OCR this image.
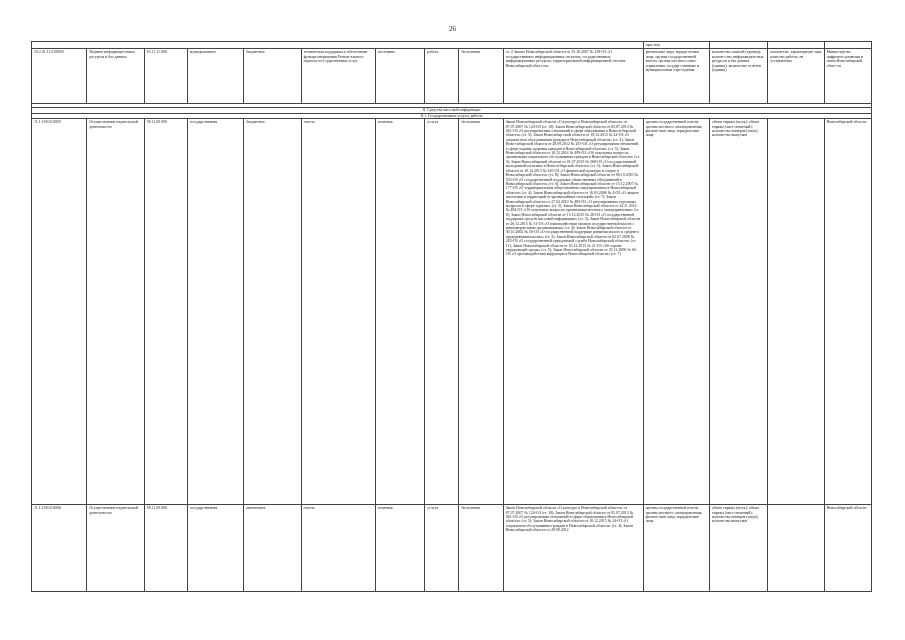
26
										щих лиц			
10.2.01.11.0.00055	Ведение информаци-онных ресурсов и баз данных	63.11.11.000	муниципальное	бюджетное	техническая поддержка и обеспечение функци-онирования Регион-ального портала госу-дарственных услуг	постоянно	работа	бесплатная	ст. 2 Закона Новосибирской области от 15.10.2007 № 158-ОЗ «О государственных информационных системах, государственных информационных ресурсах, территориальной информационной системе Новосибирской обла-сти»	физические лица, юриди-ческие лица, органы государственной власти, органы местного само-управления, государ-ственные и муниципальные учре-ждения	количество записей (единиц); количе-ство информацион-ных ресурсов и баз данных (единиц); количество отчетов (единиц)	показатели, характеризую-щие качество работы, не установлены	Министерство цифрового развития и связи Новосибирской обла-сти

II. Средства массовой информации													
II.1. Государственные услуги, работы													
11.1.1910.0.0005	Осуществление издательской деятельности	58.11.00.000	государственная	бюджетное	газеты	печатная	услуга	бесплатная	Закон Новосибирской области «О культуре в Новосибирской области» от 07.07.2007 № 124-ОЗ (ст. 10); Закон Новосибирской области от 05.07.2013 № 361-ОЗ «О регулирова-нии отношений в сфере образования в Новоси-бирской области» (ст. 5); Закон Новосибир-ской области от 18.12.2015 № 24-ОЗ «О социаль-ном обслуживании граждан в Новосибирской области» (ст. 4); Закон Ново-сибирской области от 28.09.2012 № 255-ОЗ «О регулировании отношений в сфере охраны здоровья граждан в Новосибирской области» (ст. 5); Закон Новосибирской области от 18.12.2014 № 499-ОЗ «Об отдельных вопросах организации социального обслуживания граждан в Новосибирской области» (ст. 3); Закон Новосибирской области от 01.07.2015 № 568-ОЗ «О государственной молодежной политике в Новоси-бирской области» (ст. 5); Закон Новосибирской области от 10.12.2013 № 410-ОЗ «О физической культуре и спорте в Новосибирской области» (ст. 8); Закон Новосибирской области от 06.10.2010 № 533-ОЗ «О государственной поддержке общественных объединений в Новосибирской области» (ст. 6); Закон Новосибирской области от 15.12.2007 № 177-ОЗ «О территориальном общественном самоуправлении в Новосибирской области» (ст. 4); Закон Новосибирской области от 16.03.2006 № 4-ОЗ «О защите населения и территорий от чрезвычайных ситуаций» (ст. 7); Закон Новосибирской области от 27.04.2010 № 485-ОЗ «О регулировании отдельных вопросов в сфере туризма» (ст. 5); Закон Новосибирской области от 24.11.2014 № 484-ОЗ «Об отдельных вопросах организации местного самоуправления» (ст. 6); Закон Новосибирской области от 15.12.2015 № 28-ОЗ «О государственной поддержке средств массовой информации» (ст. 3); Закон Новосибирской области от 26.12.2015 № 31-ОЗ «О взаимодействии органов государственной власти с некоммерческими организациями» (ст. 4); Закон Новосибирской области от 30.10.2002 № 56-ОЗ «О государственной поддержке развития малого и среднего предпринимательства» (ст. 3); Закон Новосибирской области от 02.07.2008 № 245-ОЗ «О государственной гражданской службе Новосибирской области» (ст. 11); Закон Новосибирской области от 10.12.2015 № 21-ОЗ «Об охране окружающей среды» (ст. 5); Закон Новосибирской области от 25.12.2006 № 65-ОЗ «О противодействии коррупции в Новосибирской области» (ст. 7)	органы государственной власти, органы местного самоуправления, физиче-ские лица, юридические лица	объем тиража (штук); объем тиража (лист печатный); количество номеров (штук); количество выпусков		Новосибирской области
11.1.1910.0.0006	Осуществление издательской деятельности	58.11.00.000	государственная	автономное	газеты	печатная	услуга	бесплатная	Закон Новосибирской области «О культуре в Новосибирской области» от 07.07.2007 № 124-ОЗ (ст. 10); Закон Новосибирской области от 05.07.2013 № 361-ОЗ «О регулировании отношений в сфере образования в Новосибирской области» (ст. 5); Закон Новосибирской области от 18.12.2015 № 24-ОЗ «О социальном обслуживании граждан в Новосибирской области» (ст. 4); Закон Новосибирской области от 28.09.2012	органы государственной власти, органы местного самоуправления, физиче-ские лица, юридические лица	объем тиража (штук); объем тиража (лист печатный); количество номеров (штук); количество выпусков		Новосибирской области
